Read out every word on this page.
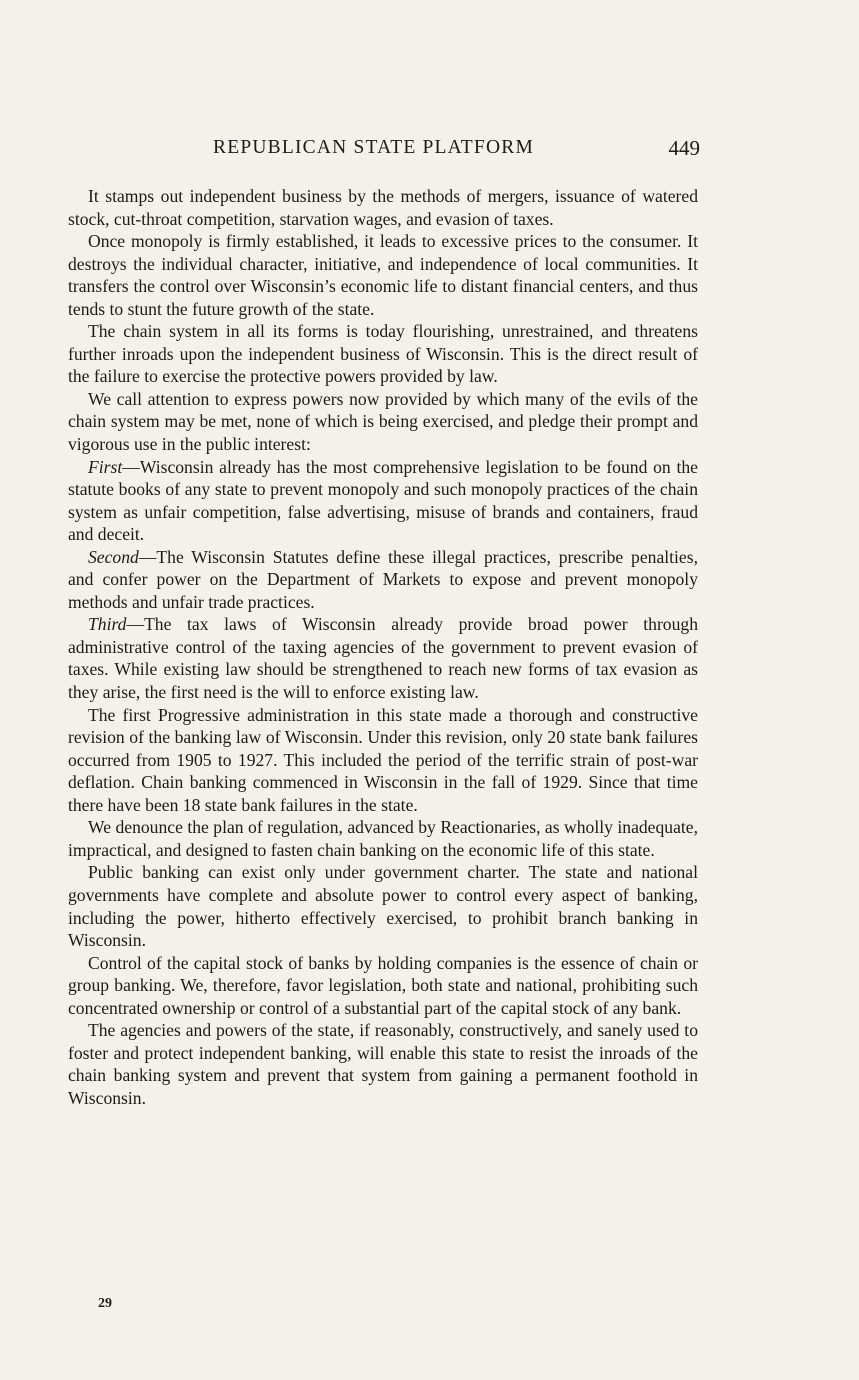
REPUBLICAN STATE PLATFORM	449

It stamps out independent business by the methods of mergers, issuance of watered stock, cut-throat competition, starvation wages, and evasion of taxes.

Once monopoly is firmly established, it leads to excessive prices to the consumer. It destroys the individual character, initiative, and independence of local communities. It transfers the control over Wisconsin’s economic life to distant financial centers, and thus tends to stunt the future growth of the state.

The chain system in all its forms is today flourishing, unrestrained, and threatens further inroads upon the independent business of Wisconsin. This is the direct result of the failure to exercise the protective powers provided by law.

We call attention to express powers now provided by which many of the evils of the chain system may be met, none of which is being exercised, and pledge their prompt and vigorous use in the public interest:

First—Wisconsin already has the most comprehensive legislation to be found on the statute books of any state to prevent monopoly and such monopoly practices of the chain system as unfair competition, false advertising, misuse of brands and containers, fraud and deceit.

Second—The Wisconsin Statutes define these illegal practices, prescribe penalties, and confer power on the Department of Markets to expose and prevent monopoly methods and unfair trade practices.

Third—The tax laws of Wisconsin already provide broad power through administrative control of the taxing agencies of the government to prevent evasion of taxes. While existing law should be strengthened to reach new forms of tax evasion as they arise, the first need is the will to enforce existing law.

The first Progressive administration in this state made a thorough and constructive revision of the banking law of Wisconsin. Under this revision, only 20 state bank failures occurred from 1905 to 1927. This included the period of the terrific strain of post-war deflation. Chain banking commenced in Wisconsin in the fall of 1929. Since that time there have been 18 state bank failures in the state.

We denounce the plan of regulation, advanced by Reactionaries, as wholly inadequate, impractical, and designed to fasten chain banking on the economic life of this state.

Public banking can exist only under government charter. The state and national governments have complete and absolute power to control every aspect of banking, including the power, hitherto effectively exercised, to prohibit branch banking in Wisconsin.

Control of the capital stock of banks by holding companies is the essence of chain or group banking. We, therefore, favor legislation, both state and national, prohibiting such concentrated ownership or control of a substantial part of the capital stock of any bank.

The agencies and powers of the state, if reasonably, constructively, and sanely used to foster and protect independent banking, will enable this state to resist the inroads of the chain banking system and prevent that system from gaining a permanent foothold in Wisconsin.

29
